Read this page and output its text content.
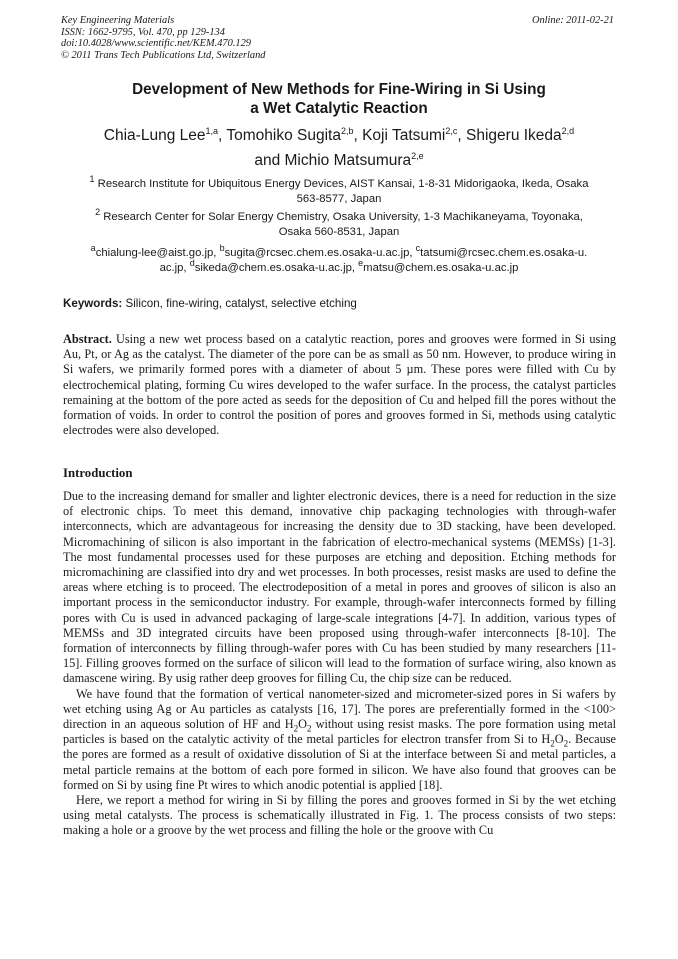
Key Engineering Materials
ISSN: 1662-9795, Vol. 470, pp 129-134
doi:10.4028/www.scientific.net/KEM.470.129
© 2011 Trans Tech Publications Ltd, Switzerland
Online: 2011-02-21
Development of New Methods for Fine-Wiring in Si Using
a Wet Catalytic Reaction
Chia-Lung Lee$^{1,a}$, Tomohiko Sugita$^{2,b}$, Koji Tatsumi$^{2,c}$, Shigeru Ikeda$^{2,d}$
and Michio Matsumura$^{2,e}$
$^1$ Research Institute for Ubiquitous Energy Devices, AIST Kansai, 1-8-31 Midorigaoka, Ikeda, Osaka
563-8577, Japan
$^2$ Research Center for Solar Energy Chemistry, Osaka University, 1-3 Machikaneyama, Toyonaka,
Osaka 560-8531, Japan
$^a$chialung-lee@aist.go.jp, $^b$sugita@rcsec.chem.es.osaka-u.ac.jp, $^c$tatsumi@rcsec.chem.es.osaka-u.
ac.jp, $^d$sikeda@chem.es.osaka-u.ac.jp, $^e$matsu@chem.es.osaka-u.ac.jp
Keywords: Silicon, fine-wiring, catalyst, selective etching
Abstract. Using a new wet process based on a catalytic reaction, pores and grooves were formed in Si using Au, Pt, or Ag as the catalyst. The diameter of the pore can be as small as 50 nm. However, to produce wiring in Si wafers, we primarily formed pores with a diameter of about 5 µm. These pores were filled with Cu by electrochemical plating, forming Cu wires developed to the wafer surface. In the process, the catalyst particles remaining at the bottom of the pore acted as seeds for the deposition of Cu and helped fill the pores without the formation of voids. In order to control the position of pores and grooves formed in Si, methods using catalytic electrodes were also developed.
Introduction

Due to the increasing demand for smaller and lighter electronic devices, there is a need for reduction in the size of electronic chips. To meet this demand, innovative chip packaging technologies with through-wafer interconnects, which are advantageous for increasing the density due to 3D stacking, have been developed. Micromachining of silicon is also important in the fabrication of electro-mechanical systems (MEMSs) [1-3]. The most fundamental processes used for these purposes are etching and deposition. Etching methods for micromachining are classified into dry and wet processes. In both processes, resist masks are used to define the areas where etching is to proceed. The electrodeposition of a metal in pores and grooves of silicon is also an important process in the semiconductor industry. For example, through-wafer interconnects formed by filling pores with Cu is used in advanced packaging of large-scale integrations [4-7]. In addition, various types of MEMSs and 3D integrated circuits have been proposed using through-wafer interconnects [8-10]. The formation of interconnects by filling through-wafer pores with Cu has been studied by many researchers [11-15]. Filling grooves formed on the surface of silicon will lead to the formation of surface wiring, also known as damascene wiring. By usig rather deep grooves for filling Cu, the chip size can be reduced.

We have found that the formation of vertical nanometer-sized and micrometer-sized pores in Si wafers by wet etching using Ag or Au particles as catalysts [16, 17]. The pores are preferentially formed in the <100> direction in an aqueous solution of HF and $H_2O_2$ without using resist masks. The pore formation using metal particles is based on the catalytic activity of the metal particles for electron transfer from Si to $H_2O_2$. Because the pores are formed as a result of oxidative dissolution of Si at the interface between Si and metal particles, a metal particle remains at the bottom of each pore formed in silicon. We have also found that grooves can be formed on Si by using fine Pt wires to which anodic potential is applied [18].

Here, we report a method for wiring in Si by filling the pores and grooves formed in Si by the wet etching using metal catalysts. The process is schematically illustrated in Fig. 1. The process consists of two steps: making a hole or a groove by the wet process and filling the hole or the groove with Cu
